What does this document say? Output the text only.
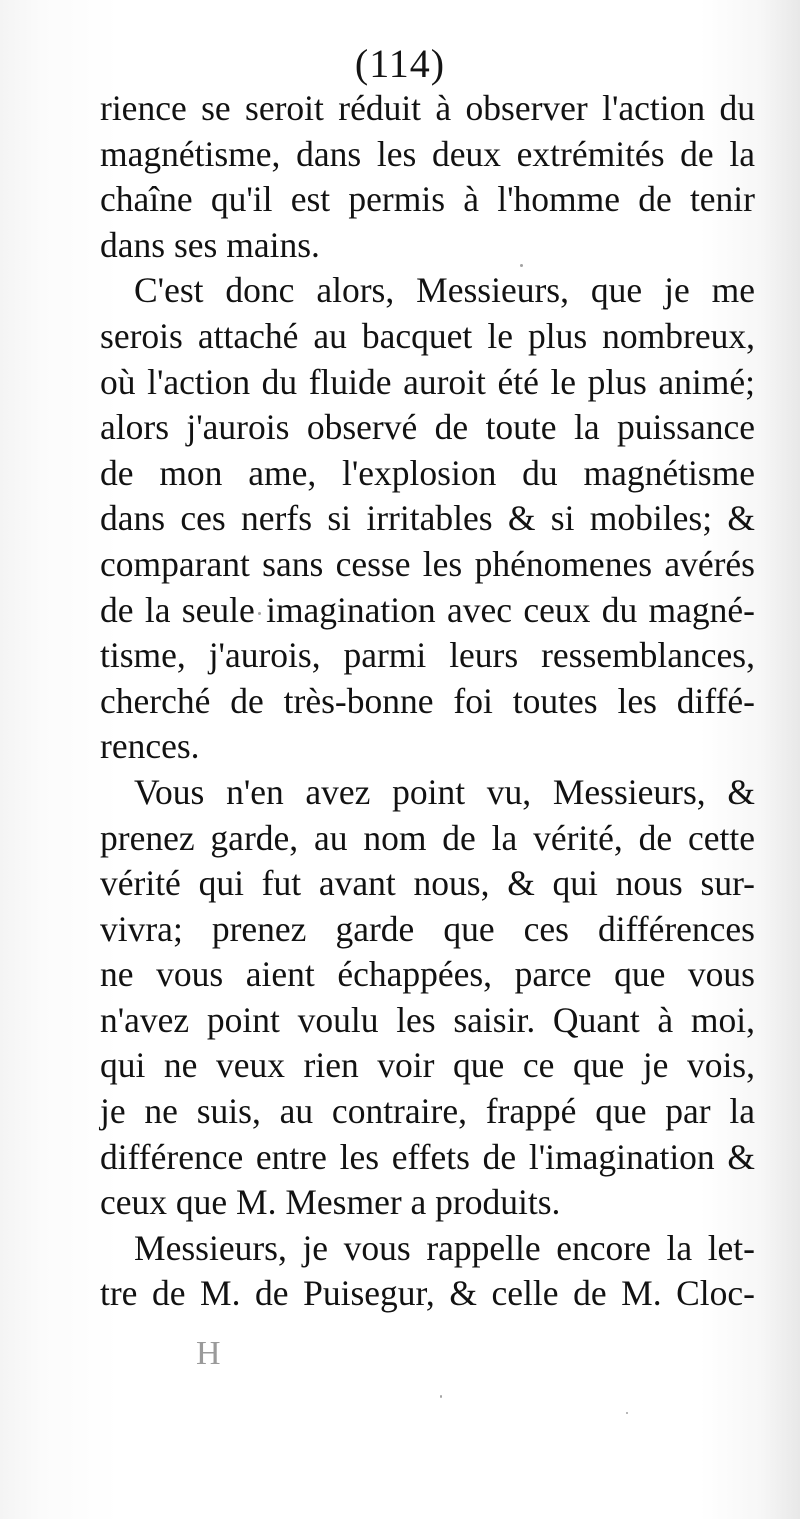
(114)
rience se seroit réduit à observer l'action du
magnétisme, dans les deux extrémités de la
chaîne qu'il est permis à l'homme de tenir
dans ses mains.
C'est donc alors, Messieurs, que je me
serois attaché au bacquet le plus nombreux,
où l'action du fluide auroit été le plus animé;
alors j'aurois observé de toute la puissance
de mon ame, l'explosion du magnétisme
dans ces nerfs si irritables & si mobiles; &
comparant sans cesse les phénomenes avérés
de la seule imagination avec ceux du magné-
tisme, j'aurois, parmi leurs ressemblances,
cherché de très-bonne foi toutes les diffé-
rences.
Vous n'en avez point vu, Messieurs, &
prenez garde, au nom de la vérité, de cette
vérité qui fut avant nous, & qui nous sur-
vivra; prenez garde que ces différences
ne vous aient échappées, parce que vous
n'avez point voulu les saisir. Quant à moi,
qui ne veux rien voir que ce que je vois,
je ne suis, au contraire, frappé que par la
différence entre les effets de l'imagination &
ceux que M. Mesmer a produits.
Messieurs, je vous rappelle encore la let-
tre de M. de Puisegur, & celle de M. Cloc-
H
